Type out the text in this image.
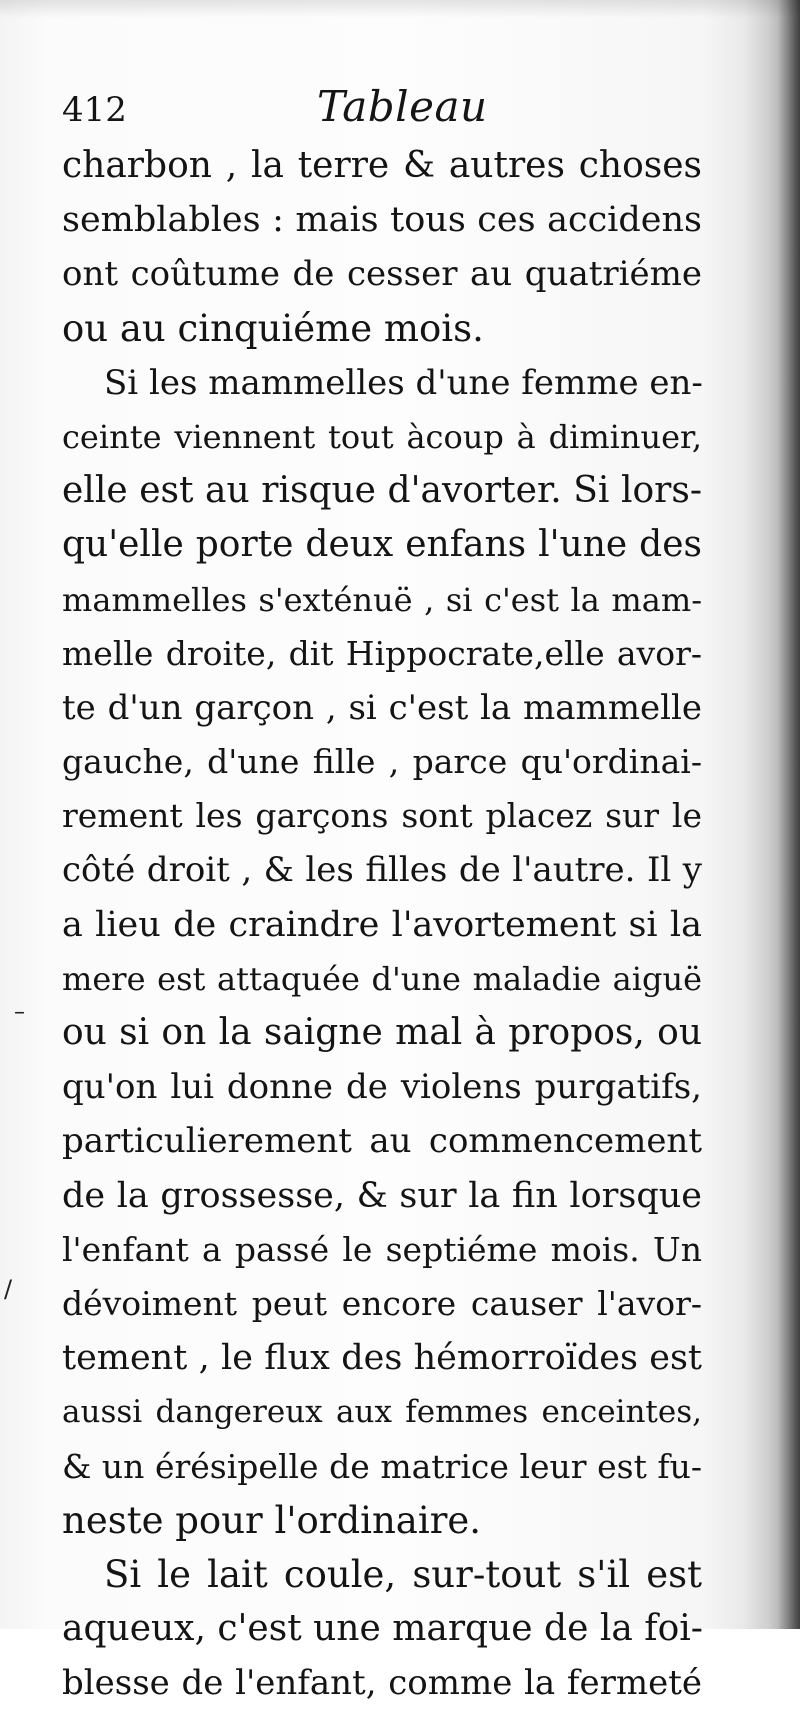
412	Tableau
charbon , la terre & autres choses
semblables : mais tous ces accidens
ont coûtume de cesser au quatriéme
ou au cinquiéme mois.
Si les mammelles d'une femme en-
ceinte viennent tout àcoup à diminuer,
elle est au risque d'avorter. Si lors-
qu'elle porte deux enfans l'une des
mammelles s'exténuë , si c'est la mam-
melle droite, dit Hippocrate,elle avor-
te d'un garçon , si c'est la mammelle
gauche, d'une fille , parce qu'ordinai-
rement les garçons sont placez sur le
côté droit , & les filles de l'autre. Il y
a lieu de craindre l'avortement si la
mere est attaquée d'une maladie aiguë
ou si on la saigne mal à propos, ou
qu'on lui donne de violens purgatifs,
particulierement au commencement
de la grossesse, & sur la fin lorsque
l'enfant a passé le septiéme mois. Un
dévoiment peut encore causer l'avor-
tement , le flux des hémorroïdes est
aussi dangereux aux femmes enceintes,
& un érésipelle de matrice leur est fu-
neste pour l'ordinaire.
Si le lait coule, sur-tout s'il est
aqueux, c'est une marque de la foi-
blesse de l'enfant, comme la fermeté
–
/
